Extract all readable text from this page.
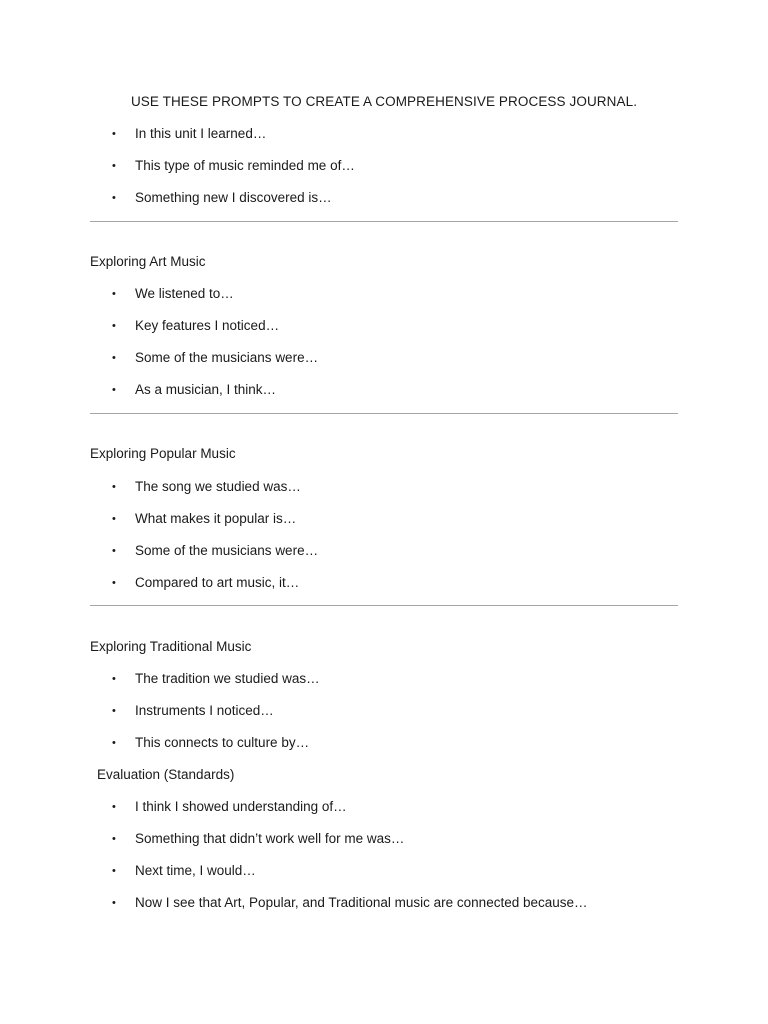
USE THESE PROMPTS TO CREATE A COMPREHENSIVE PROCESS JOURNAL.
• In this unit I learned…
• This type of music reminded me of…
• Something new I discovered is…
Exploring Art Music
• We listened to…
• Key features I noticed…
• Some of the musicians were…
• As a musician, I think…
Exploring Popular Music
• The song we studied was…
• What makes it popular is…
• Some of the musicians were…
• Compared to art music, it…
Exploring Traditional Music
• The tradition we studied was…
• Instruments I noticed…
• This connects to culture by…
Evaluation (Standards)
• I think I showed understanding of…
• Something that didn’t work well for me was…
• Next time, I would…
• Now I see that Art, Popular, and Traditional music are connected because…
